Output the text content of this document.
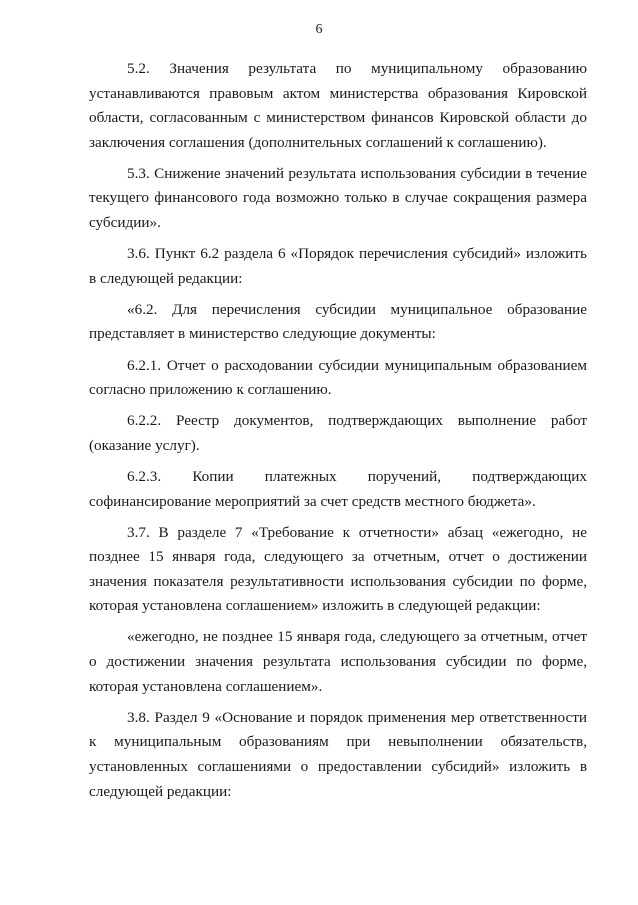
6

5.2. Значения результата по муниципальному образованию устанавливаются правовым актом министерства образования Кировской области, согласованным с министерством финансов Кировской области до заключения соглашения (дополнительных соглашений к соглашению).

5.3. Снижение значений результата использования субсидии в течение текущего финансового года возможно только в случае сокращения размера субсидии».

3.6. Пункт 6.2 раздела 6 «Порядок перечисления субсидий» изложить в следующей редакции:

«6.2. Для перечисления субсидии муниципальное образование представляет в министерство следующие документы:

6.2.1. Отчет о расходовании субсидии муниципальным образованием согласно приложению к соглашению.

6.2.2. Реестр документов, подтверждающих выполнение работ (оказание услуг).

6.2.3. Копии платежных поручений, подтверждающих софинансирование мероприятий за счет средств местного бюджета».

3.7. В разделе 7 «Требование к отчетности» абзац «ежегодно, не позднее 15 января года, следующего за отчетным, отчет о достижении значения показателя результативности использования субсидии по форме, которая установлена соглашением» изложить в следующей редакции:

«ежегодно, не позднее 15 января года, следующего за отчетным, отчет о достижении значения результата использования субсидии по форме, которая установлена соглашением».

3.8. Раздел 9 «Основание и порядок применения мер ответственности к муниципальным образованиям при невыполнении обязательств, установленных соглашениями о предоставлении субсидий» изложить в следующей редакции:
